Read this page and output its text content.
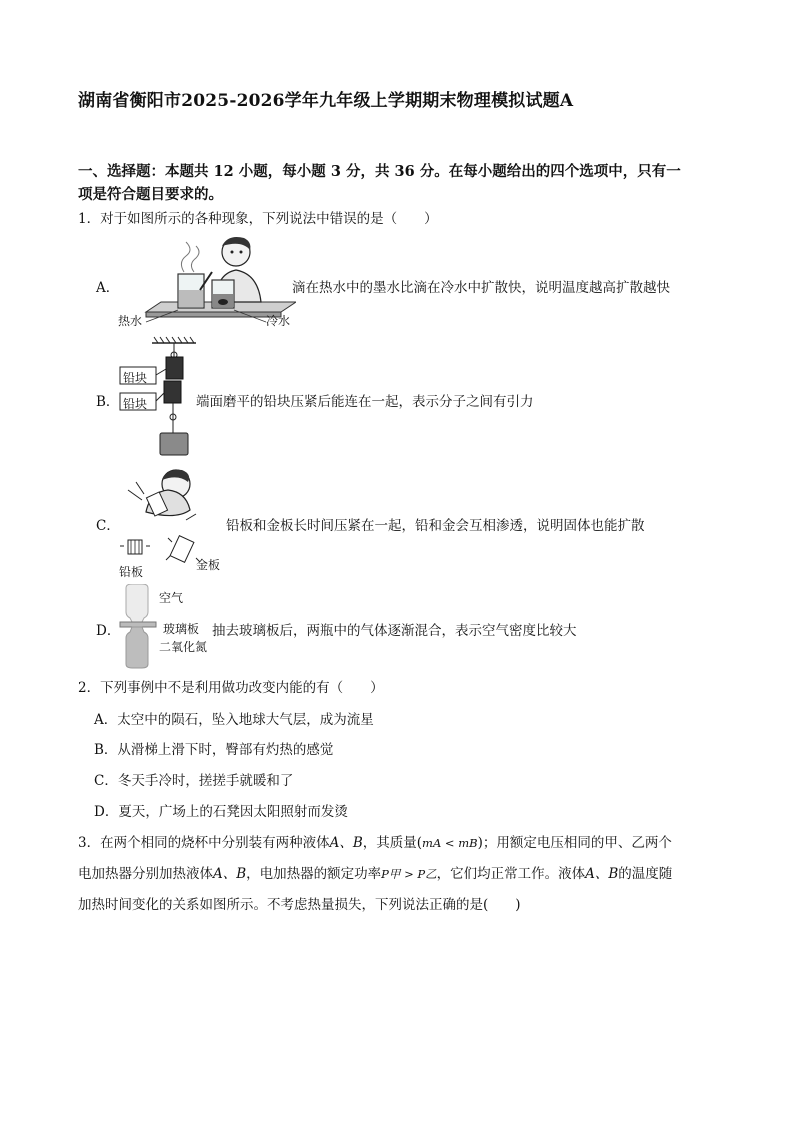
湖南省衡阳市2025-2026学年九年级上学期期末物理模拟试题A
一、选择题：本题共 12 小题，每小题 3 分，共 36 分。在每小题给出的四个选项中，只有一
项是符合题目要求的。
1．对于如图所示的各种现象，下列说法中错误的是（　　）
A．
热水	冷水
滴在热水中的墨水比滴在冷水中扩散快，说明温度越高扩散越快
B．
铅块
铅块	端面磨平的铅块压紧后能连在一起，表示分子之间有引力
C．
铅板	金板
铅板和金板长时间压紧在一起，铅和金会互相渗透，说明固体也能扩散
D．
空气
玻璃板
二氧化氮
抽去玻璃板后，两瓶中的气体逐渐混合，表示空气密度比较大
2．下列事例中不是利用做功改变内能的有（　　）
A．太空中的陨石，坠入地球大气层，成为流星
B．从滑梯上滑下时，臀部有灼热的感觉
C．冬天手冷时，搓搓手就暖和了
D．夏天，广场上的石凳因太阳照射而发烫
3．在两个相同的烧杯中分别装有两种液体A、B，其质量(mA < mB)；用额定电压相同的甲、乙两个
电加热器分别加热液体A、B，电加热器的额定功率P甲 > P乙，它们均正常工作。液体A、B的温度随
加热时间变化的关系如图所示。不考虑热量损失，下列说法正确的是(　　)
